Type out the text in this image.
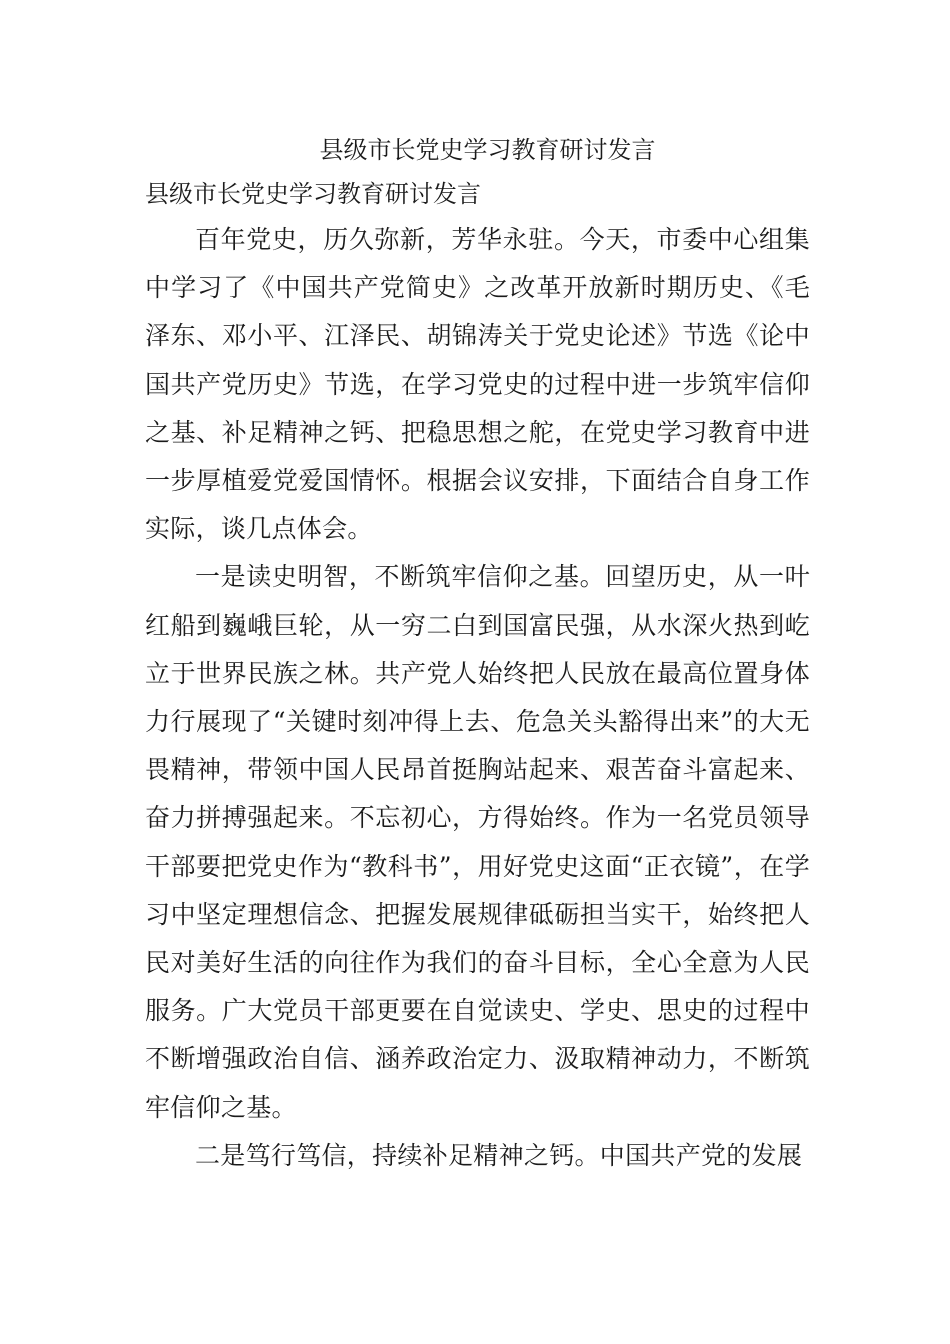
县级市长党史学习教育研讨发言
县级市长党史学习教育研讨发言

百年党史，历久弥新，芳华永驻。今天，市委中心组集中学习了《中国共产党简史》之改革开放新时期历史、《毛泽东、邓小平、江泽民、胡锦涛关于党史论述》节选《论中国共产党历史》节选，在学习党史的过程中进一步筑牢信仰之基、补足精神之钙、把稳思想之舵，在党史学习教育中进一步厚植爱党爱国情怀。根据会议安排，下面结合自身工作实际，谈几点体会。

一是读史明智，不断筑牢信仰之基。回望历史，从一叶红船到巍峨巨轮，从一穷二白到国富民强，从水深火热到屹立于世界民族之林。共产党人始终把人民放在最高位置身体力行展现了“关键时刻冲得上去、危急关头豁得出来”的大无畏精神，带领中国人民昂首挺胸站起来、艰苦奋斗富起来、奋力拼搏强起来。不忘初心，方得始终。作为一名党员领导干部要把党史作为“教科书”，用好党史这面“正衣镜”，在学习中坚定理想信念、把握发展规律砥砺担当实干，始终把人民对美好生活的向往作为我们的奋斗目标，全心全意为人民服务。广大党员干部更要在自觉读史、学史、思史的过程中不断增强政治自信、涵养政治定力、汲取精神动力，不断筑牢信仰之基。

二是笃行笃信，持续补足精神之钙。中国共产党的发展
